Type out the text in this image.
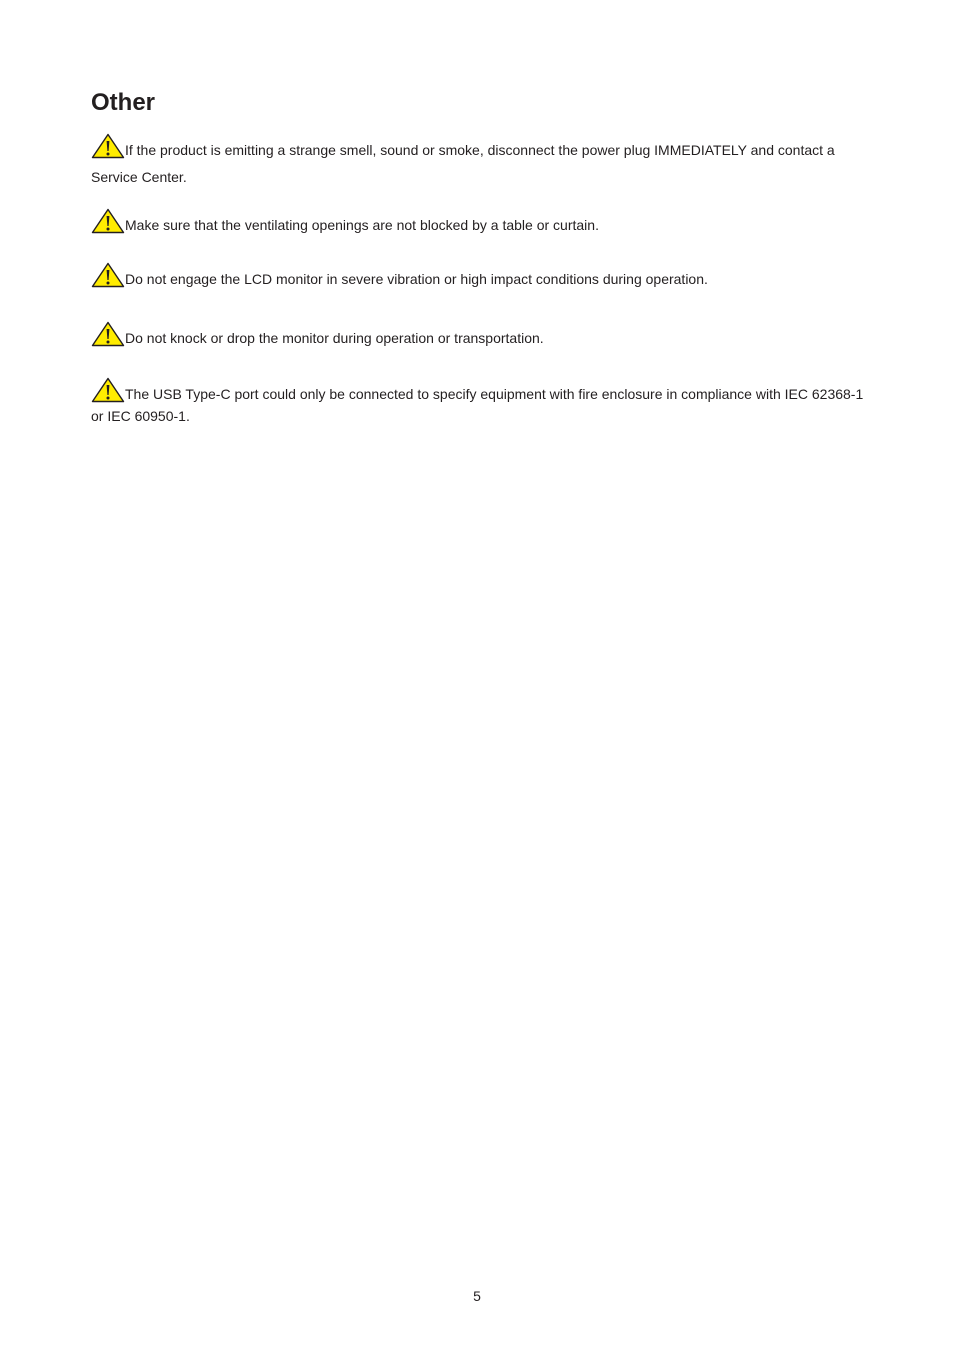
Other

If the product is emitting a strange smell, sound or smoke, disconnect the power plug IMMEDIATELY and contact a Service Center.

Make sure that the ventilating openings are not blocked by a table or curtain.

Do not engage the LCD monitor in severe vibration or high impact conditions during operation.

Do not knock or drop the monitor during operation or transportation.

The USB Type-C port could only be connected to specify equipment with fire enclosure in compliance with IEC 62368-1 or IEC 60950-1.

5
